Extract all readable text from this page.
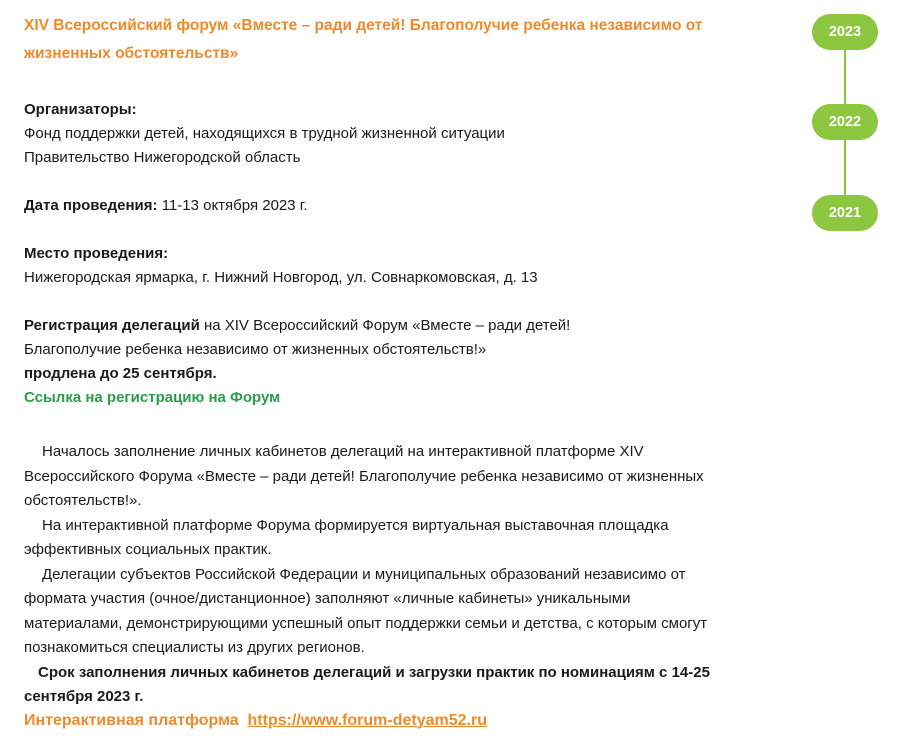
XIV Всероссийский форум «Вместе – ради детей! Благополучие ребенка независимо от жизненных обстоятельств»

Организаторы:
Фонд поддержки детей, находящихся в трудной жизненной ситуации
Правительство Нижегородской область
Дата проведения: 11-13 октября 2023 г.
Место проведения:
Нижегородская ярмарка, г. Нижний Новгород, ул. Совнаркомовская, д. 13
Регистрация делегаций на XIV Всероссийский Форум «Вместе – ради детей! Благополучие ребенка независимо от жизненных обстоятельств!»
продлена до 25 сентября.
Ссылка на регистрацию на Форум
Началось заполнение личных кабинетов делегаций на интерактивной платформе XIV Всероссийского Форума «Вместе – ради детей! Благополучие ребенка независимо от жизненных обстоятельств!».
На интерактивной платформе Форума формируется виртуальная выставочная площадка эффективных социальных практик.
Делегации субъектов Российской Федерации и муниципальных образований независимо от формата участия (очное/дистанционное) заполняют «личные кабинеты» уникальными материалами, демонстрирующими успешный опыт поддержки семьи и детства, с которым смогут познакомиться специалисты из других регионов.
Срок заполнения личных кабинетов делегаций и загрузки практик по номинациям с 14-25 сентября 2023 г.
Интерактивная платформа https://www.forum-detyam52.ru
2023
2022
2021
